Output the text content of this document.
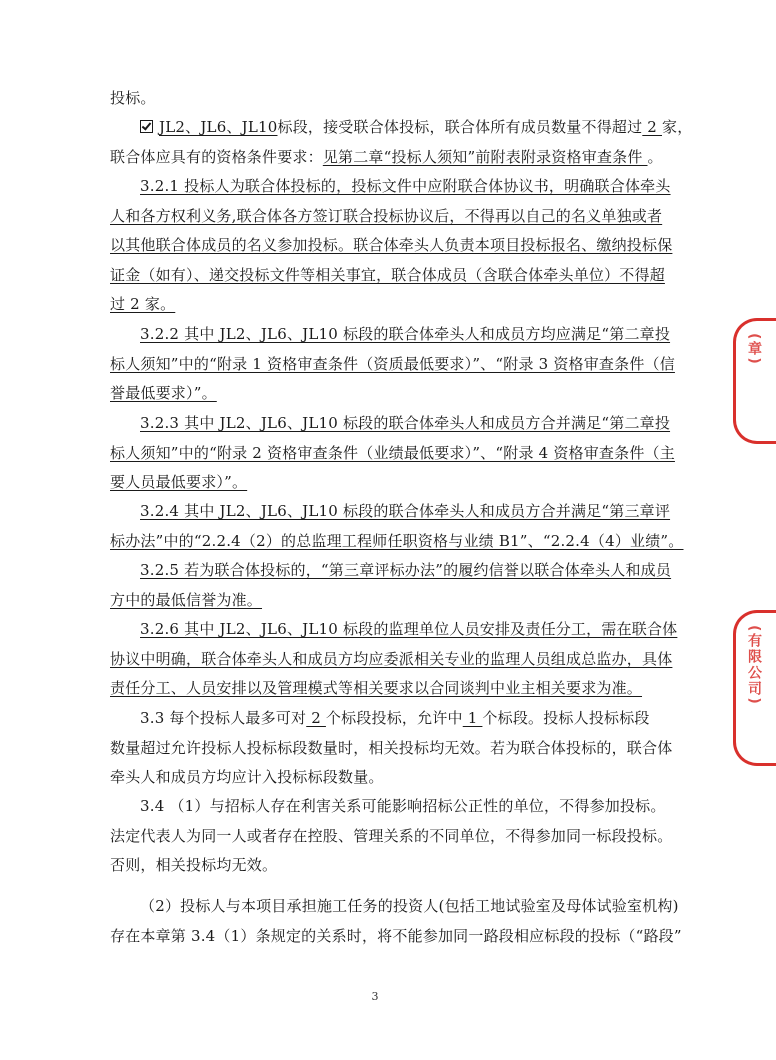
投标。
JL2、JL6、JL10标段，接受联合体投标，联合体所有成员数量不得超过 2 家，
联合体应具有的资格条件要求：见第二章“投标人须知”前附表附录资格审查条件 。
3.2.1 投标人为联合体投标的，投标文件中应附联合体协议书，明确联合体牵头
人和各方权利义务,联合体各方签订联合投标协议后，不得再以自己的名义单独或者
以其他联合体成员的名义参加投标。联合体牵头人负责本项目投标报名、缴纳投标保
证金（如有）、递交投标文件等相关事宜，联合体成员（含联合体牵头单位）不得超
过 2 家。
3.2.2 其中 JL2、JL6、JL10 标段的联合体牵头人和成员方均应满足“第二章投
标人须知”中的“附录 1 资格审查条件（资质最低要求）”、“附录 3 资格审查条件（信
誉最低要求）”。
3.2.3 其中 JL2、JL6、JL10 标段的联合体牵头人和成员方合并满足“第二章投
标人须知”中的“附录 2 资格审查条件（业绩最低要求）”、“附录 4 资格审查条件（主
要人员最低要求）”。
3.2.4 其中 JL2、JL6、JL10 标段的联合体牵头人和成员方合并满足“第三章评
标办法”中的“2.2.4（2）的总监理工程师任职资格与业绩 B1”、“2.2.4（4）业绩”。
3.2.5 若为联合体投标的，“第三章评标办法”的履约信誉以联合体牵头人和成员
方中的最低信誉为准。
3.2.6 其中 JL2、JL6、JL10 标段的监理单位人员安排及责任分工，需在联合体
协议中明确，联合体牵头人和成员方均应委派相关专业的监理人员组成总监办，具体
责任分工、人员安排以及管理模式等相关要求以合同谈判中业主相关要求为准。
3.3 每个投标人最多可对 2 个标段投标，允许中 1 个标段。投标人投标标段
数量超过允许投标人投标标段数量时，相关投标均无效。若为联合体投标的，联合体
牵头人和成员方均应计入投标标段数量。
3.4 （1）与招标人存在利害关系可能影响招标公正性的单位，不得参加投标。
法定代表人为同一人或者存在控股、管理关系的不同单位，不得参加同一标段投标。
否则，相关投标均无效。
（2）投标人与本项目承担施工任务的投资人(包括工地试验室及母体试验室机构)
存在本章第 3.4（1）条规定的关系时，将不能参加同一路段相应标段的投标（“路段”
3
(章)
(有限公司)
